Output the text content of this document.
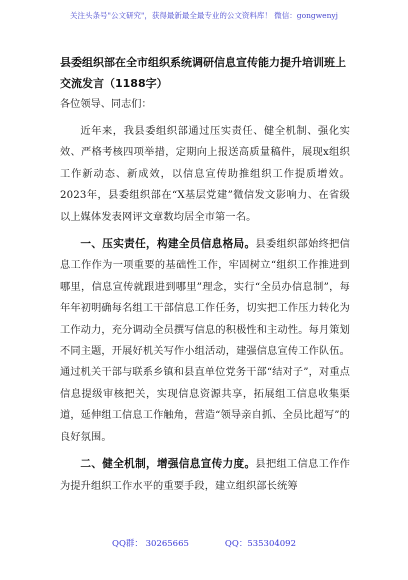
关注头条号"公文研究"，获得最新最全最专业的公文资料库！ 微信：gongwenyj

县委组织部在全市组织系统调研信息宣传能力提升培训班上交流发言（1188字）

各位领导、同志们：

近年来，我县委组织部通过压实责任、健全机制、强化实效、严格考核四项举措，定期向上报送高质量稿件，展现x组织工作新动态、新成效，以信息宣传助推组织工作提质增效。2023年，县委组织部在“X基层党建”微信发文影响力、在省级以上媒体发表网评文章数均居全市第一名。

一、压实责任，构建全员信息格局。县委组织部始终把信息工作作为一项重要的基础性工作，牢固树立“组织工作推进到哪里，信息宣传就跟进到哪里”理念，实行“全员办信息制”，每年年初明确每名组工干部信息工作任务，切实把工作压力转化为工作动力，充分调动全员撰写信息的积极性和主动性。每月策划不同主题，开展好机关写作小组活动，建强信息宣传工作队伍。通过机关干部与联系乡镇和县直单位党务干部“结对子”，对重点信息提级审核把关，实现信息资源共享，拓展组工信息收集渠道，延伸组工信息工作触角，营造“领导亲自抓、全员比超写”的良好氛围。

二、健全机制，增强信息宣传力度。县把组工信息工作作为提升组织工作水平的重要手段，建立组织部长统筹

QQ群： 30265665	QQ：535304092
